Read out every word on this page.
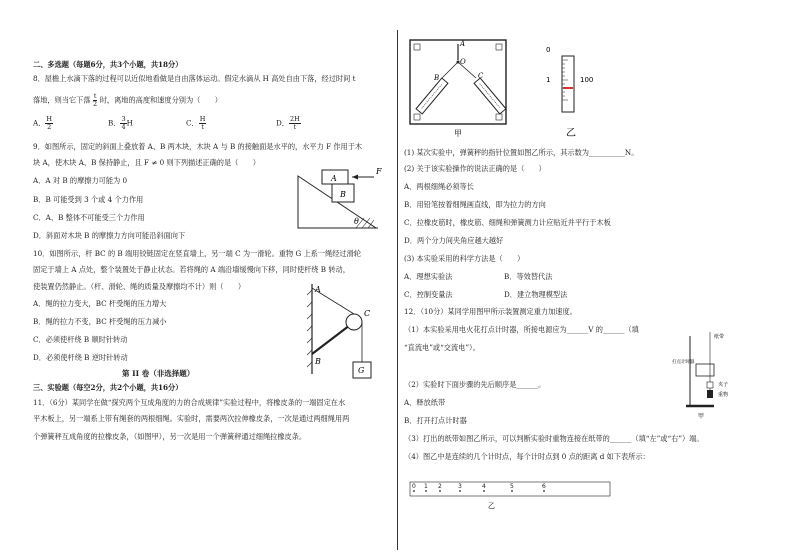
二、多选题（每题6分，共3个小题，共18分）
8．屋檐上水滴下落的过程可以近似地看做是自由落体运动。假定水滴从 H 高处自由下落，经过时间 t
落地，则当它下落 $\frac{t}{2}$ 时，离地的高度和速度分别为（　　）
A． $\frac{H}{2}$	B． $\frac{3}{4}$ H	C． $\frac{H}{t}$	D． $\frac{2H}{t}$
9．如图所示，固定的斜面上叠放着 A、B 两木块，木块 A 与 B 的接触面是水平的，水平力 F 作用于木
块 A，使木块 A、B 保持静止，且 F ≠ 0 则下列描述正确的是（　　）
A．A 对 B 的摩擦力可能为 0
B．B 可能受到 3 个或 4 个力作用
C．A、B 整体不可能受三个力作用
D．斜面对木块 B 的摩擦力方向可能沿斜面向下
A
B
F
θ
10．如图所示，杆 BC 的 B 端用铰链固定在竖直墙上，另一端 C 为一滑轮。重物 G 上系一绳经过滑轮
固定于墙上 A 点处，整个装置处于静止状态。若将绳的 A 端沿墙缓慢向下移，同时使杆绕 B 转动，
使装置仍然静止。（杆、滑轮、绳的质量及摩擦均不计）则（　　）
A．绳的拉力变大，BC 杆受绳的压力增大
B．绳的拉力不变，BC 杆受绳的压力减小
C．必须使杆绕 B 顺时针转动
D．必须使杆绕 B 逆时针转动
A
B
C
G
第 II 卷（非选择题）
三、实验题（每空2分，共2个小题，共16分）
11．（6分）某同学在做“探究两个互成角度的力的合成规律”实验过程中，将橡皮条的一端固定在水
平木板上，另一端系上带有绳套的两根细绳。实验时，需要两次拉伸橡皮条，一次是通过两细绳用两
个弹簧秤互成角度的拉橡皮条，（如图甲），另一次是用一个弹簧秤通过细绳拉橡皮条。
A
O
B	C
甲
0
1	100
乙
(1) 某次实验中，弹簧秤的指针位置如图乙所示，其示数为__________N。
(2) 关于该实验操作的说法正确的是（　　）
A．两根细绳必须等长
B．用铅笔按着细绳画直线，即为拉力的方向
C．拉橡皮筋时，橡皮筋、细绳和弹簧测力计应贴近并平行于木板
D．两个分力间夹角应越大越好
(3) 本实验采用的科学方法是（　　）
A．理想实验法	B．等效替代法
C．控制变量法	D．建立物理模型法
12．（10分）某同学用图甲所示装置测定重力加速度。
（1）本实验采用电火花打点计时器，所接电源应为______V 的______（填
“直流电”或“交流电”）。
（2）实验时下面步骤的先后顺序是______。
A．释放纸带
B．打开打点计时器
（3）打出的纸带如图乙所示，可以判断实验时重物连接在纸带的______（填“左”或“右”）端。
（4）图乙中是连续的几个计时点，每个计时点到 0 点的距离 d 如下表所示：
纸带
打点计时器
夹子
重物
甲
0 1 2	3	4	5	6
乙
